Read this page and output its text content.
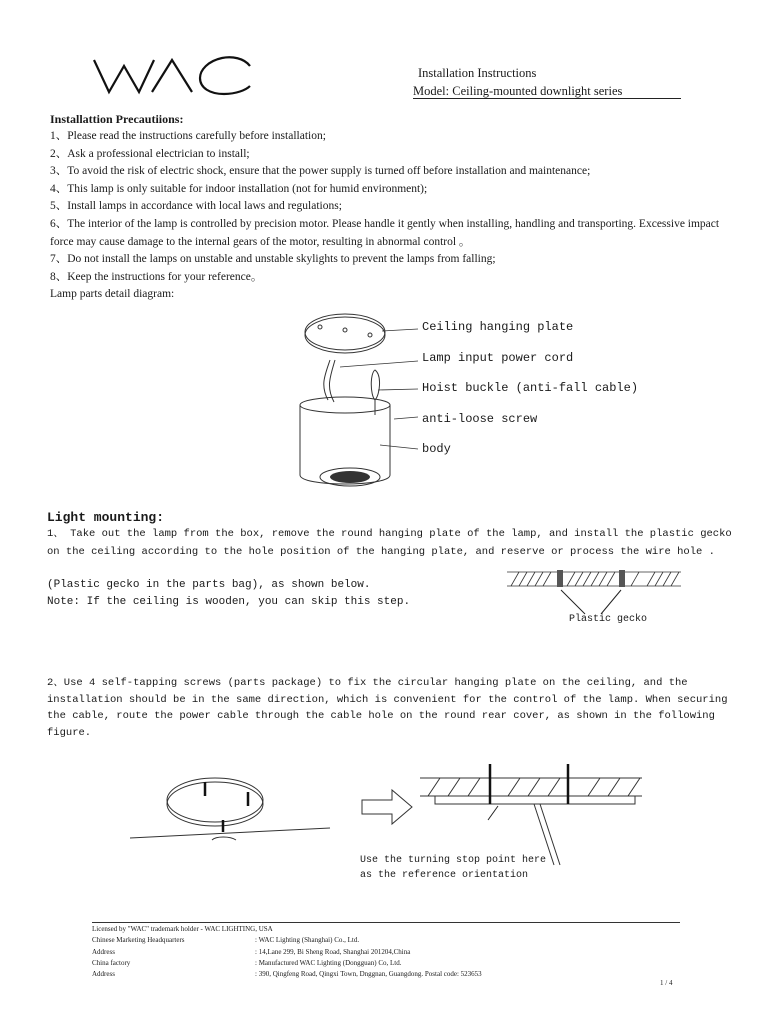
Installation Instructions
Model: Ceiling-mounted downlight series
Installattion Precautiions:
1、Please read the instructions carefully before installation;
2、Ask a professional electrician to install;
3、To avoid the risk of electric shock, ensure that the power supply is turned off before installation and maintenance;
4、This lamp is only suitable for indoor installation (not for humid environment);
5、Install lamps in accordance with local laws and regulations;
6、The interior of the lamp is controlled by precision motor. Please handle it gently when installing, handling and transporting. Excessive impact force may cause damage to the internal gears of the motor, resulting in abnormal control 。
7、Do not install the lamps on unstable and unstable skylights to prevent the lamps from falling;
8、Keep the instructions for your reference。
Lamp parts detail diagram:
Ceiling hanging plate
Lamp input power cord
Hoist buckle (anti-fall cable)
anti-loose screw
body
Light mounting:
1、 Take out the lamp from the box, remove the round hanging plate of the lamp, and install the plastic gecko on the ceiling according to the hole position of the hanging plate, and reserve or process the wire hole .
(Plastic gecko in the parts bag), as shown below.
Note: If the ceiling is wooden, you can skip this step.
Plastic gecko
2、Use 4 self-tapping screws (parts package) to fix the circular hanging plate on the ceiling, and the installation should be in the same direction, which is convenient for the control of the lamp. When securing the cable, route the power cable through the cable hole on the round rear cover, as shown in the following figure.
Use the turning stop point here
as the reference orientation
Licensed by "WAC" trademark holder - WAC LIGHTING, USA
Chinese Marketing Headquarters	: WAC Lighting (Shanghai) Co., Ltd.
Address	: 14,Lane 299, Bi Sheng Road, Shanghai 201204,China
China factory	: Manufactured WAC Lighting (Dongguan) Co, Ltd.
Address	: 390, Qingfeng Road, Qingxi Town, Dnggnan, Guangdong. Postal code: 523653
1 / 4
